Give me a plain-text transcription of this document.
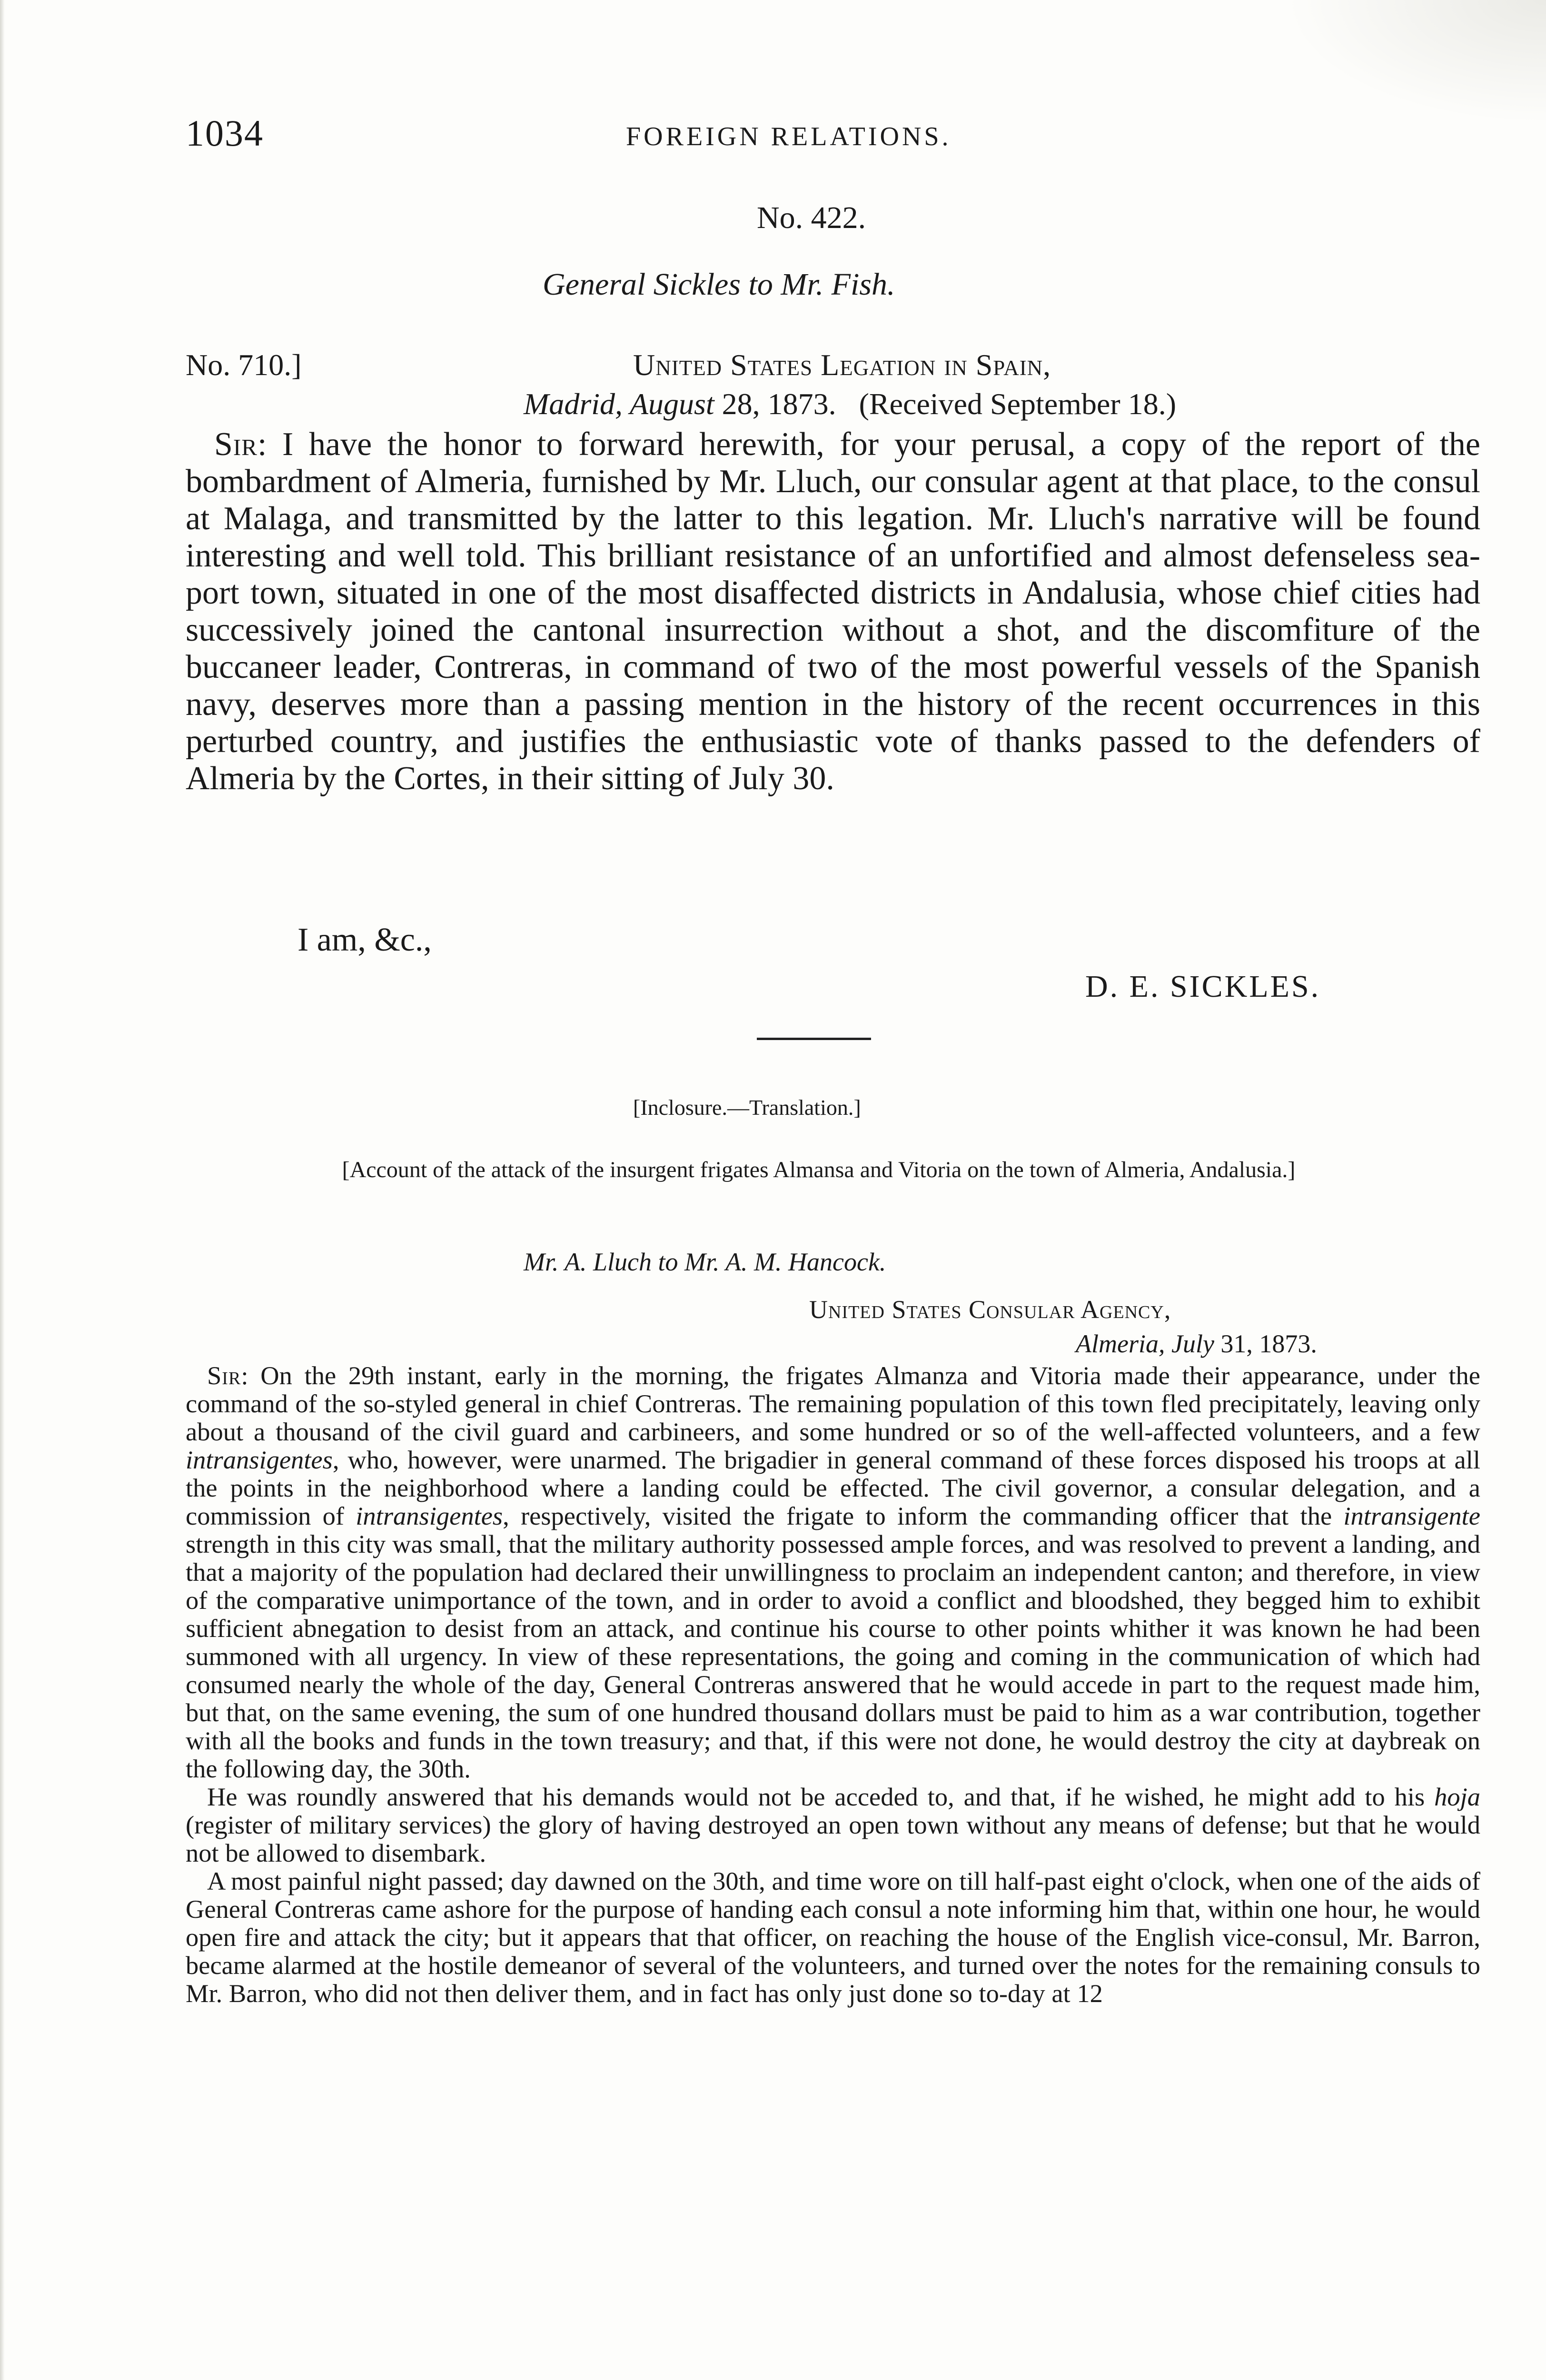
1034	FOREIGN RELATIONS.
No. 422.
General Sickles to Mr. Fish.
No. 710.]	United States Legation in Spain,
Madrid, August 28, 1873. (Received September 18.)
Sir: I have the honor to forward herewith, for your perusal, a copy of the report of the bombardment of Almeria, furnished by Mr. Lluch, our consular agent at that place, to the consul at Malaga, and transmitted by the latter to this legation. Mr. Lluch's narrative will be found interesting and well told. This brilliant resistance of an unfortified and almost defenseless sea-port town, situated in one of the most disaffected districts in Andalusia, whose chief cities had successively joined the cantonal insurrection without a shot, and the discomfiture of the buccaneer leader, Contreras, in command of two of the most powerful vessels of the Spanish navy, deserves more than a passing mention in the history of the recent occurrences in this perturbed country, and justifies the enthusiastic vote of thanks passed to the defenders of Almeria by the Cortes, in their sitting of July 30.
I am, &c.,
D. E. SICKLES.
[Inclosure.—Translation.]
[Account of the attack of the insurgent frigates Almansa and Vitoria on the town of Almeria, Andalusia.]
Mr. A. Lluch to Mr. A. M. Hancock.
United States Consular Agency,
Almeria, July 31, 1873.

Sir: On the 29th instant, early in the morning, the frigates Almanza and Vitoria made their appearance, under the command of the so-styled general in chief Contreras. The remaining population of this town fled precipitately, leaving only about a thousand of the civil guard and carbineers, and some hundred or so of the well-affected volunteers, and a few intransigentes, who, however, were unarmed. The brigadier in general command of these forces disposed his troops at all the points in the neighborhood where a landing could be effected. The civil governor, a consular delegation, and a commission of intransigentes, respectively, visited the frigate to inform the commanding officer that the intransigente strength in this city was small, that the military authority possessed ample forces, and was resolved to prevent a landing, and that a majority of the population had declared their unwillingness to proclaim an independent canton; and therefore, in view of the comparative unimportance of the town, and in order to avoid a conflict and bloodshed, they begged him to exhibit sufficient abnegation to desist from an attack, and continue his course to other points whither it was known he had been summoned with all urgency. In view of these representations, the going and coming in the communication of which had consumed nearly the whole of the day, General Contreras answered that he would accede in part to the request made him, but that, on the same evening, the sum of one hundred thousand dollars must be paid to him as a war contribution, together with all the books and funds in the town treasury; and that, if this were not done, he would destroy the city at daybreak on the following day, the 30th.

He was roundly answered that his demands would not be acceded to, and that, if he wished, he might add to his hoja (register of military services) the glory of having destroyed an open town without any means of defense; but that he would not be allowed to disembark.

A most painful night passed; day dawned on the 30th, and time wore on till half-past eight o'clock, when one of the aids of General Contreras came ashore for the purpose of handing each consul a note informing him that, within one hour, he would open fire and attack the city; but it appears that that officer, on reaching the house of the English vice-consul, Mr. Barron, became alarmed at the hostile demeanor of several of the volunteers, and turned over the notes for the remaining consuls to Mr. Barron, who did not then deliver them, and in fact has only just done so to-day at 12
